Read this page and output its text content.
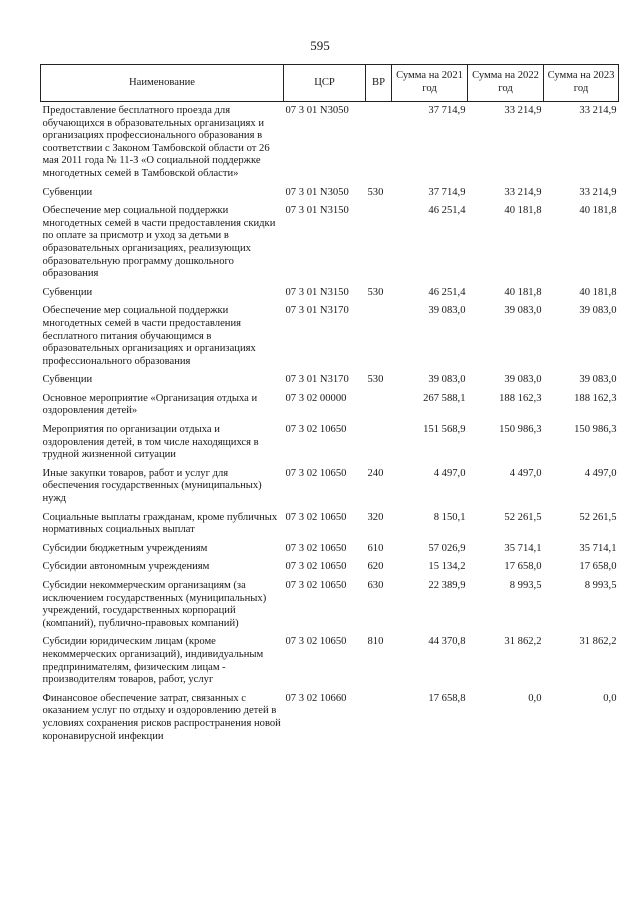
595
Наименование	ЦСР	ВР	Сумма на 2021 год	Сумма на 2022 год	Сумма на 2023 год
Предоставление бесплатного проезда для обучающихся в образовательных организациях и организациях профессионального образования в соответствии с Законом Тамбовской области от 26 мая 2011 года № 11-З «О социальной поддержке многодетных семей в Тамбовской области»	07 3 01 N3050		37 714,9	33 214,9	33 214,9
Субвенции	07 3 01 N3050	530	37 714,9	33 214,9	33 214,9
Обеспечение мер социальной поддержки многодетных семей в части предоставления скидки по оплате за присмотр и уход за детьми в образовательных организациях, реализующих образовательную программу дошкольного образования	07 3 01 N3150		46 251,4	40 181,8	40 181,8
Субвенции	07 3 01 N3150	530	46 251,4	40 181,8	40 181,8
Обеспечение мер социальной поддержки многодетных семей в части предоставления бесплатного питания обучающимся в образовательных организациях и организациях профессионального образования	07 3 01 N3170		39 083,0	39 083,0	39 083,0
Субвенции	07 3 01 N3170	530	39 083,0	39 083,0	39 083,0
Основное мероприятие «Организация отдыха и оздоровления детей»	07 3 02 00000		267 588,1	188 162,3	188 162,3
Мероприятия по организации отдыха и оздоровления детей, в том числе находящихся в трудной жизненной ситуации	07 3 02 10650		151 568,9	150 986,3	150 986,3
Иные закупки товаров, работ и услуг для обеспечения государственных (муниципальных) нужд	07 3 02 10650	240	4 497,0	4 497,0	4 497,0
Социальные выплаты гражданам, кроме публичных нормативных социальных выплат	07 3 02 10650	320	8 150,1	52 261,5	52 261,5
Субсидии бюджетным учреждениям	07 3 02 10650	610	57 026,9	35 714,1	35 714,1
Субсидии автономным учреждениям	07 3 02 10650	620	15 134,2	17 658,0	17 658,0
Субсидии некоммерческим организациям (за исключением государственных (муниципальных) учреждений, государственных корпораций (компаний), публично-правовых компаний)	07 3 02 10650	630	22 389,9	8 993,5	8 993,5
Субсидии юридическим лицам (кроме некоммерческих организаций), индивидуальным предпринимателям, физическим лицам - производителям товаров, работ, услуг	07 3 02 10650	810	44 370,8	31 862,2	31 862,2
Финансовое обеспечение затрат, связанных с оказанием услуг по отдыху и оздоровлению детей в условиях сохранения рисков распространения новой коронавирусной инфекции	07 3 02 10660		17 658,8	0,0	0,0
